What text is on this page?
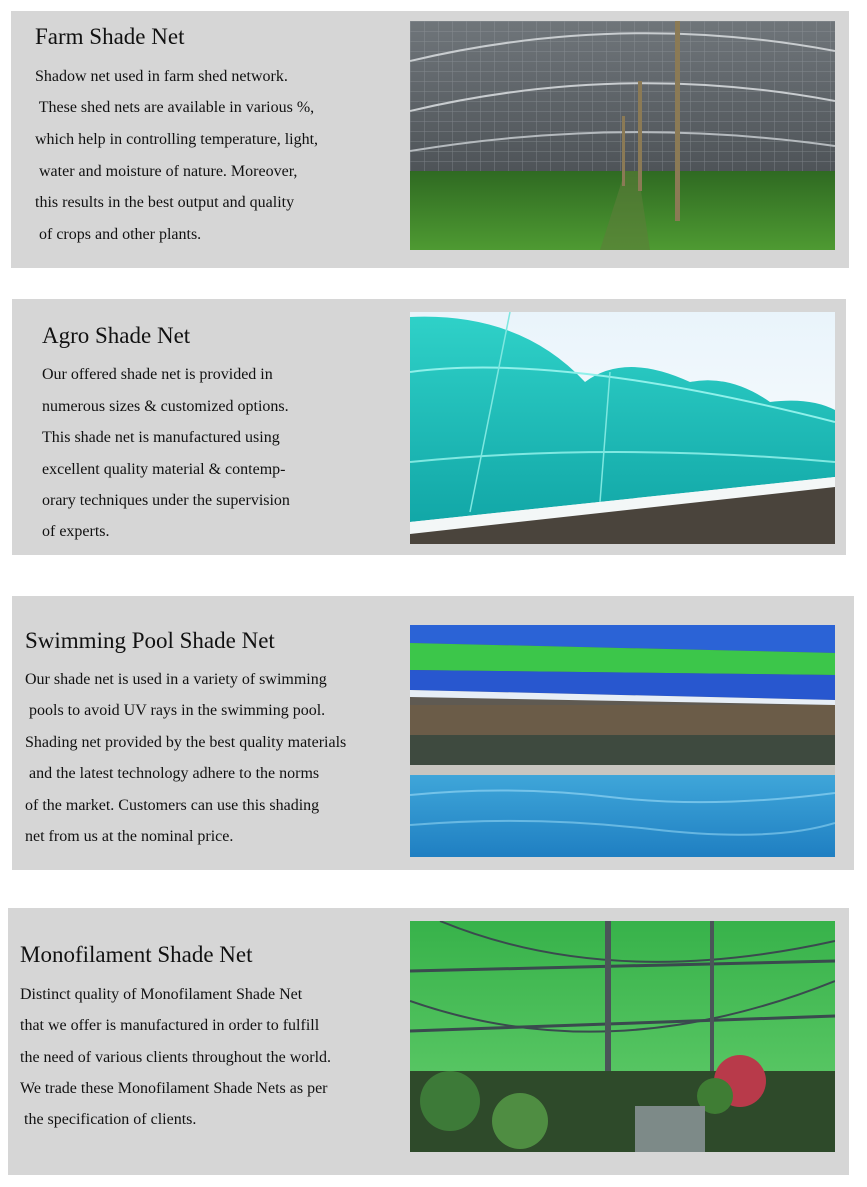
Farm Shade Net
Shadow net used in farm shed network.
These shed nets are available in various %,
which help in controlling temperature, light,
water and moisture of nature. Moreover,
this results in the best output and quality
of crops and other plants.
Agro Shade Net
Our offered shade net is provided in
numerous sizes & customized options.
This shade net is manufactured using
excellent quality material & contemp-
orary techniques under the supervision
of experts.
Swimming Pool Shade Net
Our shade net is used in a variety of swimming
pools to avoid UV rays in the swimming pool.
Shading net provided by the best quality materials
and the latest technology adhere to the norms
of the market. Customers can use this shading
net from us at the nominal price.
Monofilament Shade Net
Distinct quality of Monofilament Shade Net
that we offer is manufactured in order to fulfill
the need of various clients throughout the world.
We trade these Monofilament Shade Nets as per
the specification of clients.
